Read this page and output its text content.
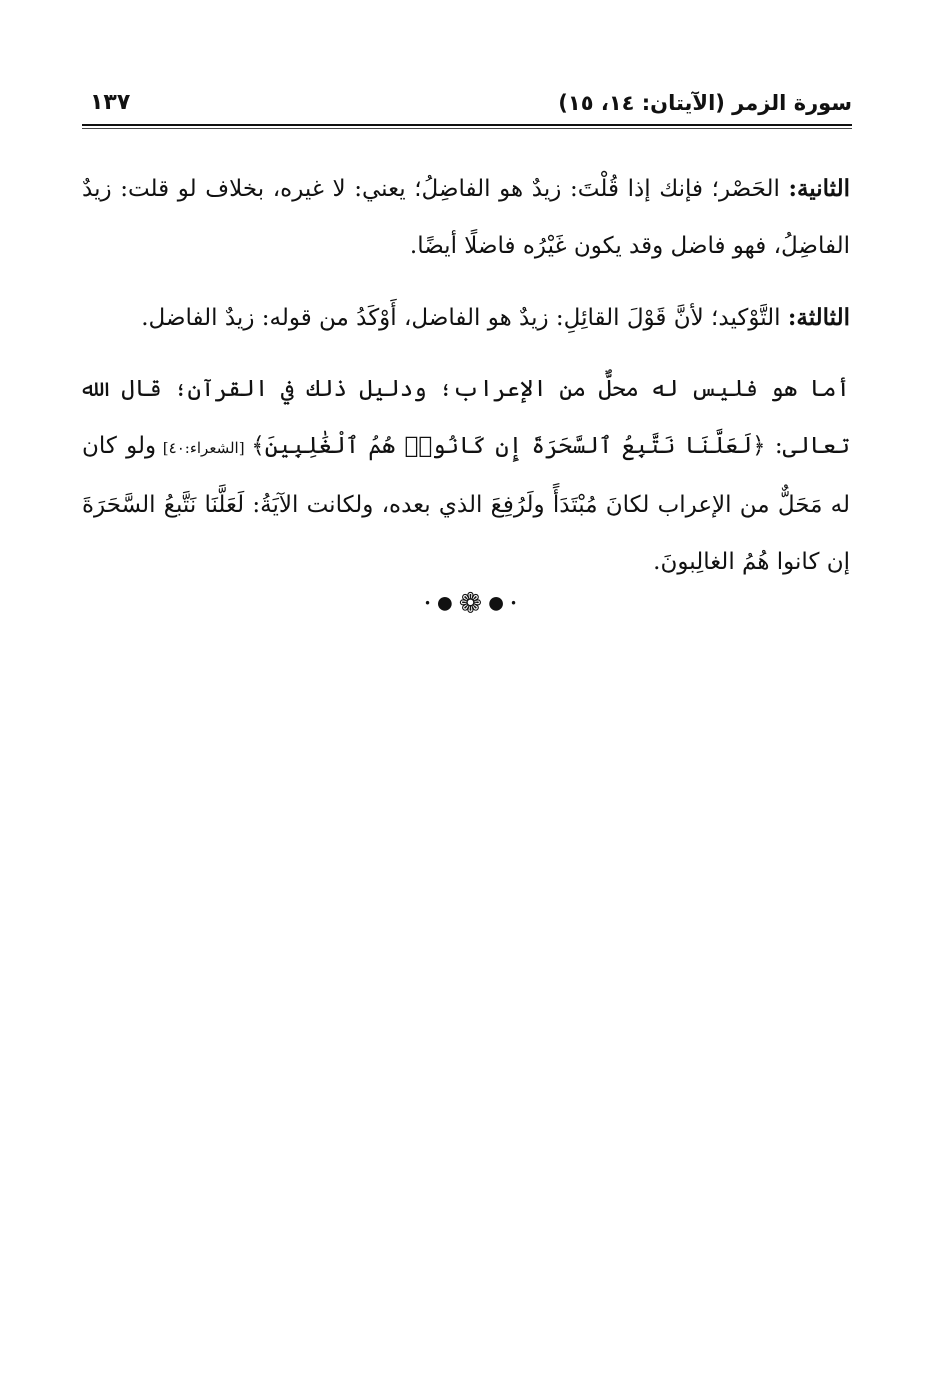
سورة الزمر (الآيتان: ١٤، ١٥)
١٣٧

الثانية: الحَصْر؛ فإنك إذا قُلْتَ: زيدٌ هو الفاضِلُ؛ يعني: لا غيره، بخلاف لو قلت: زيدٌ الفاضِلُ، فهو فاضل وقد يكون غَيْرُه فاضلًا أيضًا.

الثالثة: التَّوْكيد؛ لأنَّ قَوْلَ القائِلِ: زيدٌ هو الفاضل، أَوْكَدُ من قوله: زيدٌ الفاضل.

أما هو فليس له محلٌّ من الإعراب؛ ودليل ذلك في القرآن؛ قال الله تعالى: ﴿لَعَلَّنَا نَتَّبِعُ ٱلسَّحَرَةَ إِن كَانُوا۟ هُمُ ٱلْغَٰلِبِينَ﴾ [الشعراء:٤٠] ولو كان له مَحَلٌّ من الإعراب لكانَ مُبْتَدَأً ولَرُفِعَ الذي بعده، ولكانت الآيَةُ: لَعَلَّنَا نَتَّبعُ السَّحَرَةَ إن كانوا هُمُ الغالِبونَ.

•●❁●•
